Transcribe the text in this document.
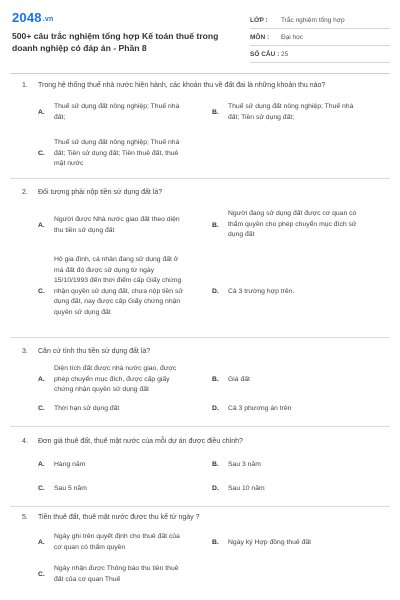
2048.vn
500+ câu trắc nghiệm tổng hợp Kế toán thuế trong doanh nghiệp có đáp án - Phần 8
LỚP :	Trắc nghiệm tổng hợp
MÔN :	Đại học
SỐ CÂU : 25
1. Trong hệ thống thuế nhà nước hiện hành, các khoản thu về đất đai là những khoản thu nào?
A.
Thuế sử dụng đất nông nghiệp; Thuế nhà
đất;
B.
Thuế sử dụng đất nông nghiệp; Thuế nhà
đất; Tiền sử dụng đất;
C.
Thuế sử dụng đất nông nghiệp; Thuế nhà
đất; Tiền sử dụng đất; Tiền thuê đất, thuê
mặt nước
2. Đối tượng phải nộp tiền sử dụng đất là?
A.
Người được Nhà nước giao đất theo diện
thu tiền sử dụng đất
B.
Người đang sử dụng đất được cơ quan có
thẩm quyền cho phép chuyển mục đích sử
dụng đất
C.
Hộ gia đình, cá nhân đang sử dụng đất ở
mà đất đó được sử dụng từ ngày
15/10/1993 đến thời điểm cấp Giấy chứng
nhận quyền sử dụng đất, chưa nộp tiền sử
dụng đất, nay được cấp Giấy chứng nhận
quyền sử dụng đất
D. Cả 3 trường hợp trên.
3. Căn cứ tính thu tiền sử dụng đất là?
A.
Diện tích đất được nhà nước giao, được
phép chuyển mục đích, được cấp giấy
chứng nhận quyền sử dụng đất
B. Giá đất
C. Thời hạn sử dụng đất	D. Cả 3 phương án trên
4. Đơn giá thuê đất, thuê mặt nước của mỗi dự án được điều chỉnh?
A. Hàng năm	B. Sau 3 năm
C. Sau 5 năm	D. Sau 10 năm
5. Tiền thuê đất, thuê mặt nước được thu kể từ ngày ?
A.
Ngày ghi trên quyết định cho thuê đất của
cơ quan có thẩm quyền
B. Ngày ký Hợp đồng thuê đất
C.
Ngày nhận được Thông báo thu tiền thuê
đất của cơ quan Thuế
